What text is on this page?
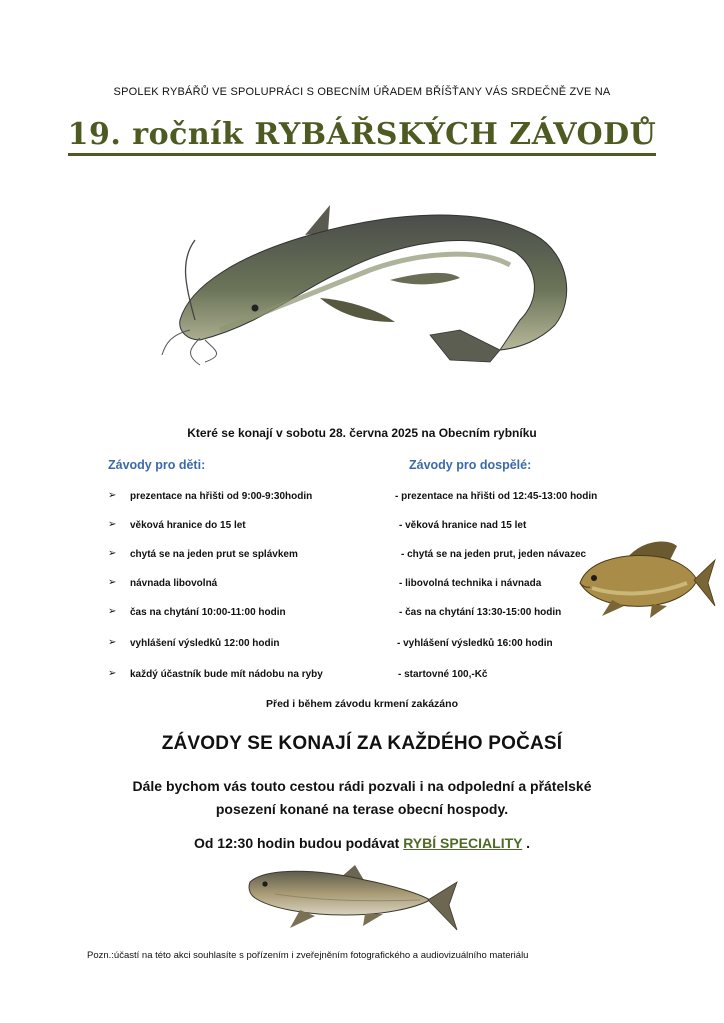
SPOLEK RYBÁŘŮ VE SPOLUPRÁCI S OBECNÍM ÚŘADEM BŘÍŠŤANY VÁS SRDEČNĚ ZVE NA
19. ročník RYBÁŘSKÝCH ZÁVODŮ
Které se konají v sobotu 28. června 2025 na Obecním rybníku
Závody pro děti:	Závody pro dospělé:
➢ prezentace na hřišti od 9:00-9:30hodin
➢ věková hranice do 15 let
➢ chytá se na jeden prut se splávkem
➢ návnada libovolná
➢ čas na chytání 10:00-11:00 hodin
➢ vyhlášení výsledků 12:00 hodin
➢ každý účastník bude mít nádobu na ryby
- prezentace na hřišti od 12:45-13:00 hodin
- věková hranice nad 15 let
- chytá se na jeden prut, jeden návazec
- libovolná technika i návnada
- čas na chytání 13:30-15:00 hodin
- vyhlášení výsledků 16:00 hodin
- startovné 100,-Kč
Před i během závodu krmení zakázáno
ZÁVODY SE KONAJÍ ZA KAŽDÉHO POČASÍ
Dále bychom vás touto cestou rádi pozvali i na odpolední a přátelské
posezení konané na terase obecní hospody.
Od 12:30 hodin budou podávat RYBÍ SPECIALITY .
Pozn.:účastí na této akci souhlasíte s pořízením i zveřejněním fotografického a audiovizuálního materiálu
